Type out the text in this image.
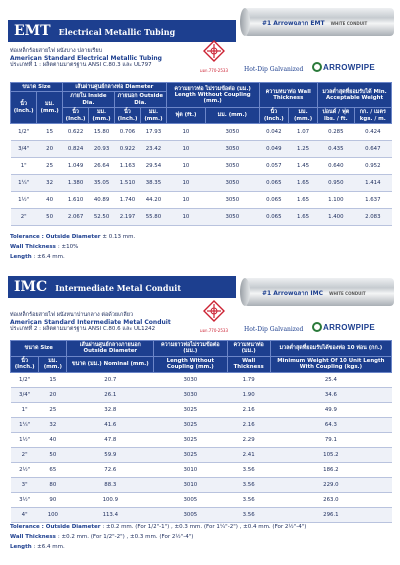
EMT Electrical Metallic Tubing
#1 Arrowฉลาก EMT WHITE CONDUIT
ท่อเหล็กร้อยสายไฟ ผนังบาง ปลายเรียบ
American Standard Electrical Metallic Tubing
ประเภทที่ 1 : ผลิตตามมาตรฐาน ANSI C.80.3 และ UL797
มอก.770-2533	Hot-Dip Galvanized ARROWPIPE
ขนาด Size		เส้นผ่านศูนย์กลางท่อ Diameter				ความยาวท่อ ไม่รวมข้อต่อ (มม.) Length Without Coupling (mm.)		ความหนาท่อ Wall Thickness		มวลต่ำสุดที่ยอมรับได้ Min. Acceptable Weight	
นิ้ว (Inch.)	มม. (mm.)	ภายใน Inside Dia.		ภายนอก Outside Dia.							
		นิ้ว (Inch.)	มม. (mm.)	นิ้ว (Inch.)	มม. (mm.)	ฟุต (ft.)	มม. (mm.)	นิ้ว (Inch.)	มม. (mm.)	ปอนด์ / ฟุต lbs. / ft.	กก. / เมตร kgs. / m.
1/2"	15	0.622	15.80	0.706	17.93	10	3050	0.042	1.07	0.285	0.424
3/4"	20	0.824	20.93	0.922	23.42	10	3050	0.049	1.25	0.435	0.647
1"	25	1.049	26.64	1.163	29.54	10	3050	0.057	1.45	0.640	0.952
1¼"	32	1.380	35.05	1.510	38.35	10	3050	0.065	1.65	0.950	1.414
1½"	40	1.610	40.89	1.740	44.20	10	3050	0.065	1.65	1.100	1.637
2"	50	2.067	52.50	2.197	55.80	10	3050	0.065	1.65	1.400	2.083
Tolerance : Outside Diameter ± 0.13 mm.
Wall Thickness : ±10%
Length : ±6.4 mm.
IMC Intermediate Metal Conduit
#1 Arrowฉลาก IMC WHITE CONDUIT
ท่อเหล็กร้อยสายไฟ ผนังหนาปานกลาง ต่อด้วยเกลียว
American Standard Intermediate Metal Conduit
ประเภทที่ 2 : ผลิตตามมาตรฐาน ANSI C.80.6 และ UL1242	มอก.770-2533	Hot-Dip Galvanized ARROWPIPE
ขนาด Size		เส้นผ่านศูนย์กลางภายนอก Outside Diameter	ความยาวท่อไม่รวมข้อต่อ (มม.)	ความหนาท่อ (มม.)	มวลต่ำสุดที่ยอมรับได้ของท่อ 10 ท่อน (กก.)
นิ้ว (Inch.)	มม. (mm.)	ขนาด (มม.) Nominal (mm.)	Length Without Coupling (mm.)	Wall Thickness	Minimum Weight Of 10 Unit Length With Coupling (kgs.)
1/2"	15	20.7	3030	1.79	25.4
3/4"	20	26.1	3030	1.90	34.6
1"	25	32.8	3025	2.16	49.9
1¼"	32	41.6	3025	2.16	64.3
1½"	40	47.8	3025	2.29	79.1
2"	50	59.9	3025	2.41	105.2
2½"	65	72.6	3010	3.56	186.2
3"	80	88.3	3010	3.56	229.0
3½"	90	100.9	3005	3.56	263.0
4"	100	113.4	3005	3.56	296.1
Tolerance : Outside Diameter : ±0.2 mm. (For 1/2"-1") , ±0.3 mm. (For 1¼"-2") , ±0.4 mm. (For 2½"-4")
Wall Thickness : ±0.2 mm. (For 1/2"-2") , ±0.3 mm. (For 2½"-4")
Length : ±6.4 mm.
